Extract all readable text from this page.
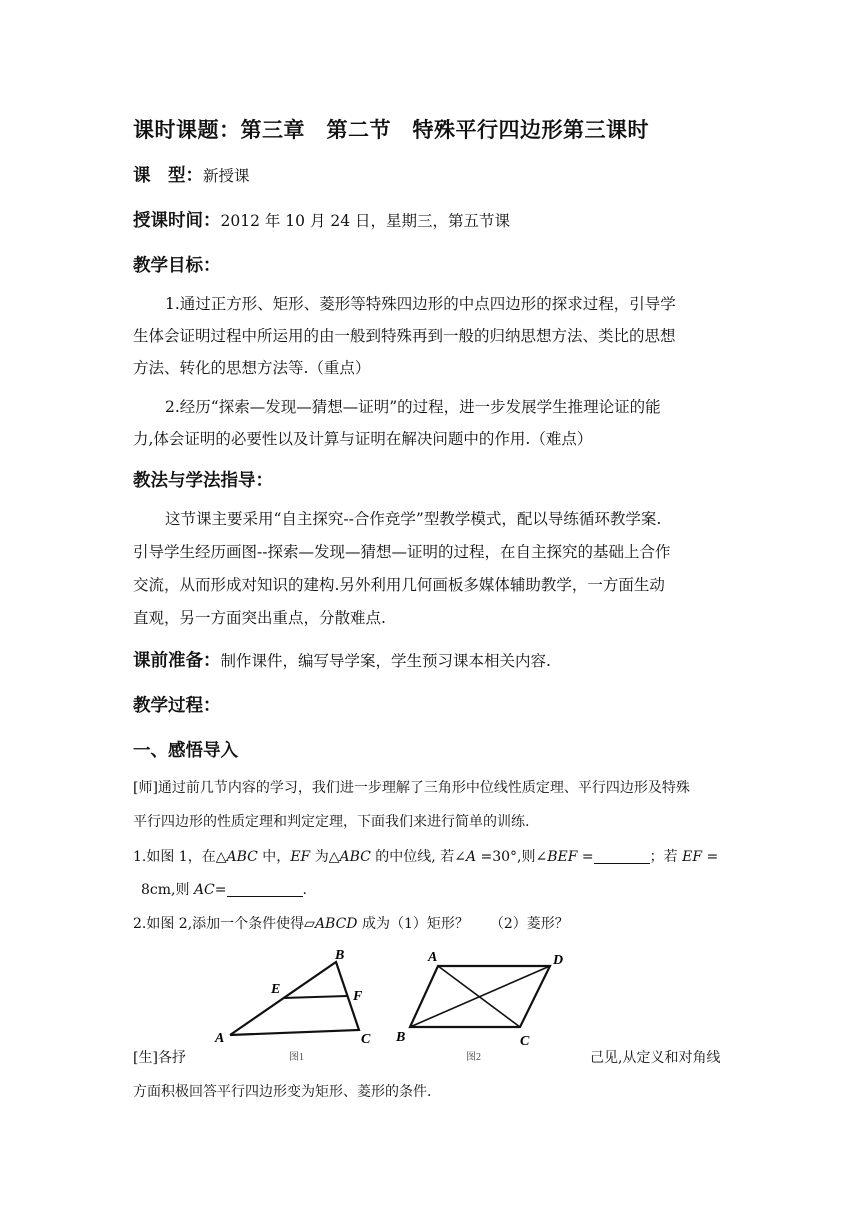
课时课题：第三章　第二节　特殊平行四边形第三课时
课　型：新授课
授课时间：2012 年 10 月 24 日，星期三，第五节课
教学目标：
1.通过正方形、矩形、菱形等特殊四边形的中点四边形的探求过程，引导学
生体会证明过程中所运用的由一般到特殊再到一般的归纳思想方法、类比的思想
方法、转化的思想方法等.（重点）
2.经历“探索—发现—猜想—证明”的过程，进一步发展学生推理论证的能
力,体会证明的必要性以及计算与证明在解决问题中的作用.（难点）
教法与学法指导：
这节课主要采用“自主探究--合作竞学”型教学模式，配以导练循环教学案.
引导学生经历画图--探索—发现—猜想—证明的过程，在自主探究的基础上合作
交流，从而形成对知识的建构.另外利用几何画板多媒体辅助教学，一方面生动
直观，另一方面突出重点，分散难点.
课前准备：制作课件，编写导学案，学生预习课本相关内容.
教学过程：
一、感悟导入
[师]通过前几节内容的学习，我们进一步理解了三角形中位线性质定理、平行四边形及特殊
平行四边形的性质定理和判定定理，下面我们来进行简单的训练.
1.如图 1，在△ABC 中，EF 为△ABC 的中位线, 若∠A =30°,则∠BEF =	；若 EF =
8cm,则 AC=	.
2.如图 2,添加一个条件使得▱ABCD 成为（1）矩形？　　（2）菱形？
B
E	F
A	C
图1
A	D
B	C
图2
[生]各抒	己见,从定义和对角线
方面积极回答平行四边形变为矩形、菱形的条件.
